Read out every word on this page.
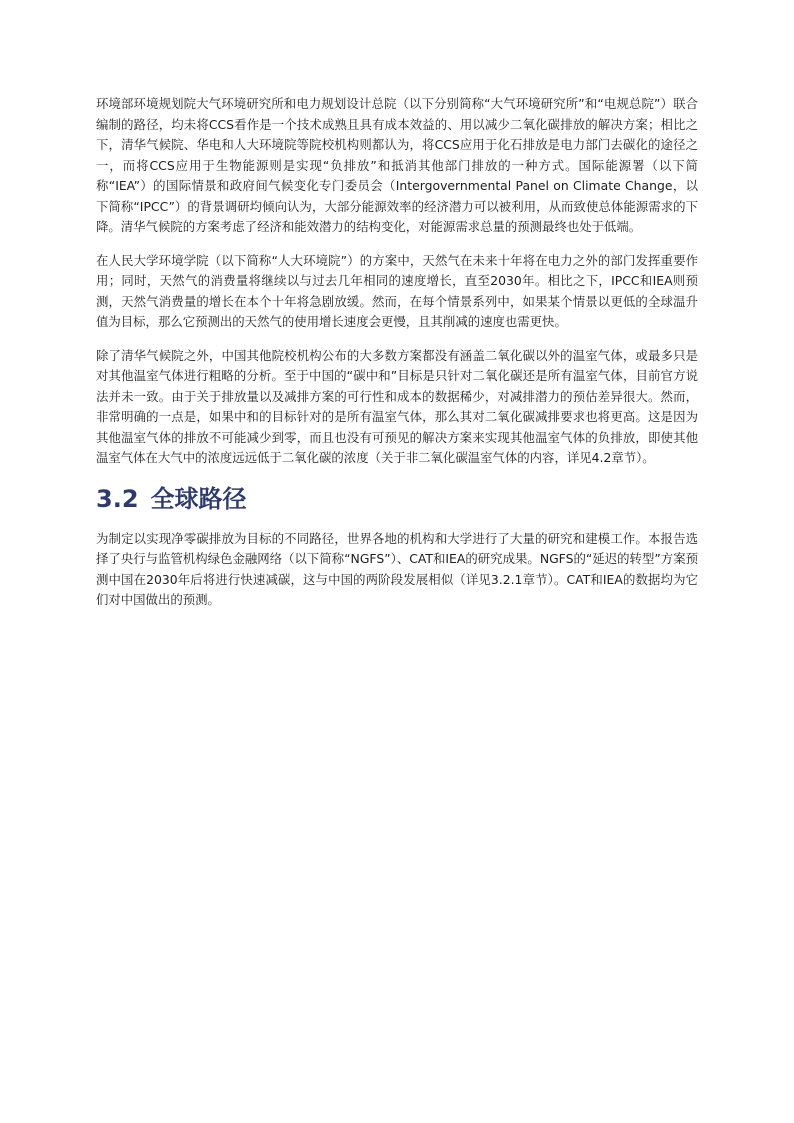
环境部环境规划院大气环境研究所和电力规划设计总院（以下分别简称“大气环境研究所”和“电规总院”）联合编制的路径，均未将CCS看作是一个技术成熟且具有成本效益的、用以减少二氧化碳排放的解决方案；相比之下，清华气候院、华电和人大环境院等院校机构则都认为，将CCS应用于化石排放是电力部门去碳化的途径之一，而将CCS应用于生物能源则是实现“负排放”和抵消其他部门排放的一种方式。国际能源署（以下简称“IEA”）的国际情景和政府间气候变化专门委员会（Intergovernmental Panel on Climate Change，以下简称“IPCC”）的背景调研均倾向认为，大部分能源效率的经济潜力可以被利用，从而致使总体能源需求的下降。清华气候院的方案考虑了经济和能效潜力的结构变化，对能源需求总量的预测最终也处于低端。

在人民大学环境学院（以下简称“人大环境院”）的方案中，天然气在未来十年将在电力之外的部门发挥重要作用；同时，天然气的消费量将继续以与过去几年相同的速度增长，直至2030年。相比之下，IPCC和IEA则预测，天然气消费量的增长在本个十年将急剧放缓。然而，在每个情景系列中，如果某个情景以更低的全球温升值为目标，那么它预测出的天然气的使用增长速度会更慢，且其削减的速度也需更快。

除了清华气候院之外，中国其他院校机构公布的大多数方案都没有涵盖二氧化碳以外的温室气体，或最多只是对其他温室气体进行粗略的分析。至于中国的“碳中和”目标是只针对二氧化碳还是所有温室气体，目前官方说法并未一致。由于关于排放量以及减排方案的可行性和成本的数据稀少，对减排潜力的预估差异很大。然而，非常明确的一点是，如果中和的目标针对的是所有温室气体，那么其对二氧化碳减排要求也将更高。这是因为其他温室气体的排放不可能减少到零，而且也没有可预见的解决方案来实现其他温室气体的负排放，即使其他温室气体在大气中的浓度远远低于二氧化碳的浓度（关于非二氧化碳温室气体的内容，详见4.2章节）。

3.2 全球路径

为制定以实现净零碳排放为目标的不同路径，世界各地的机构和大学进行了大量的研究和建模工作。本报告选择了央行与监管机构绿色金融网络（以下简称“NGFS”）、CAT和IEA的研究成果。NGFS的“延迟的转型”方案预测中国在2030年后将进行快速减碳，这与中国的两阶段发展相似（详见3.2.1章节）。CAT和IEA的数据均为它们对中国做出的预测。
